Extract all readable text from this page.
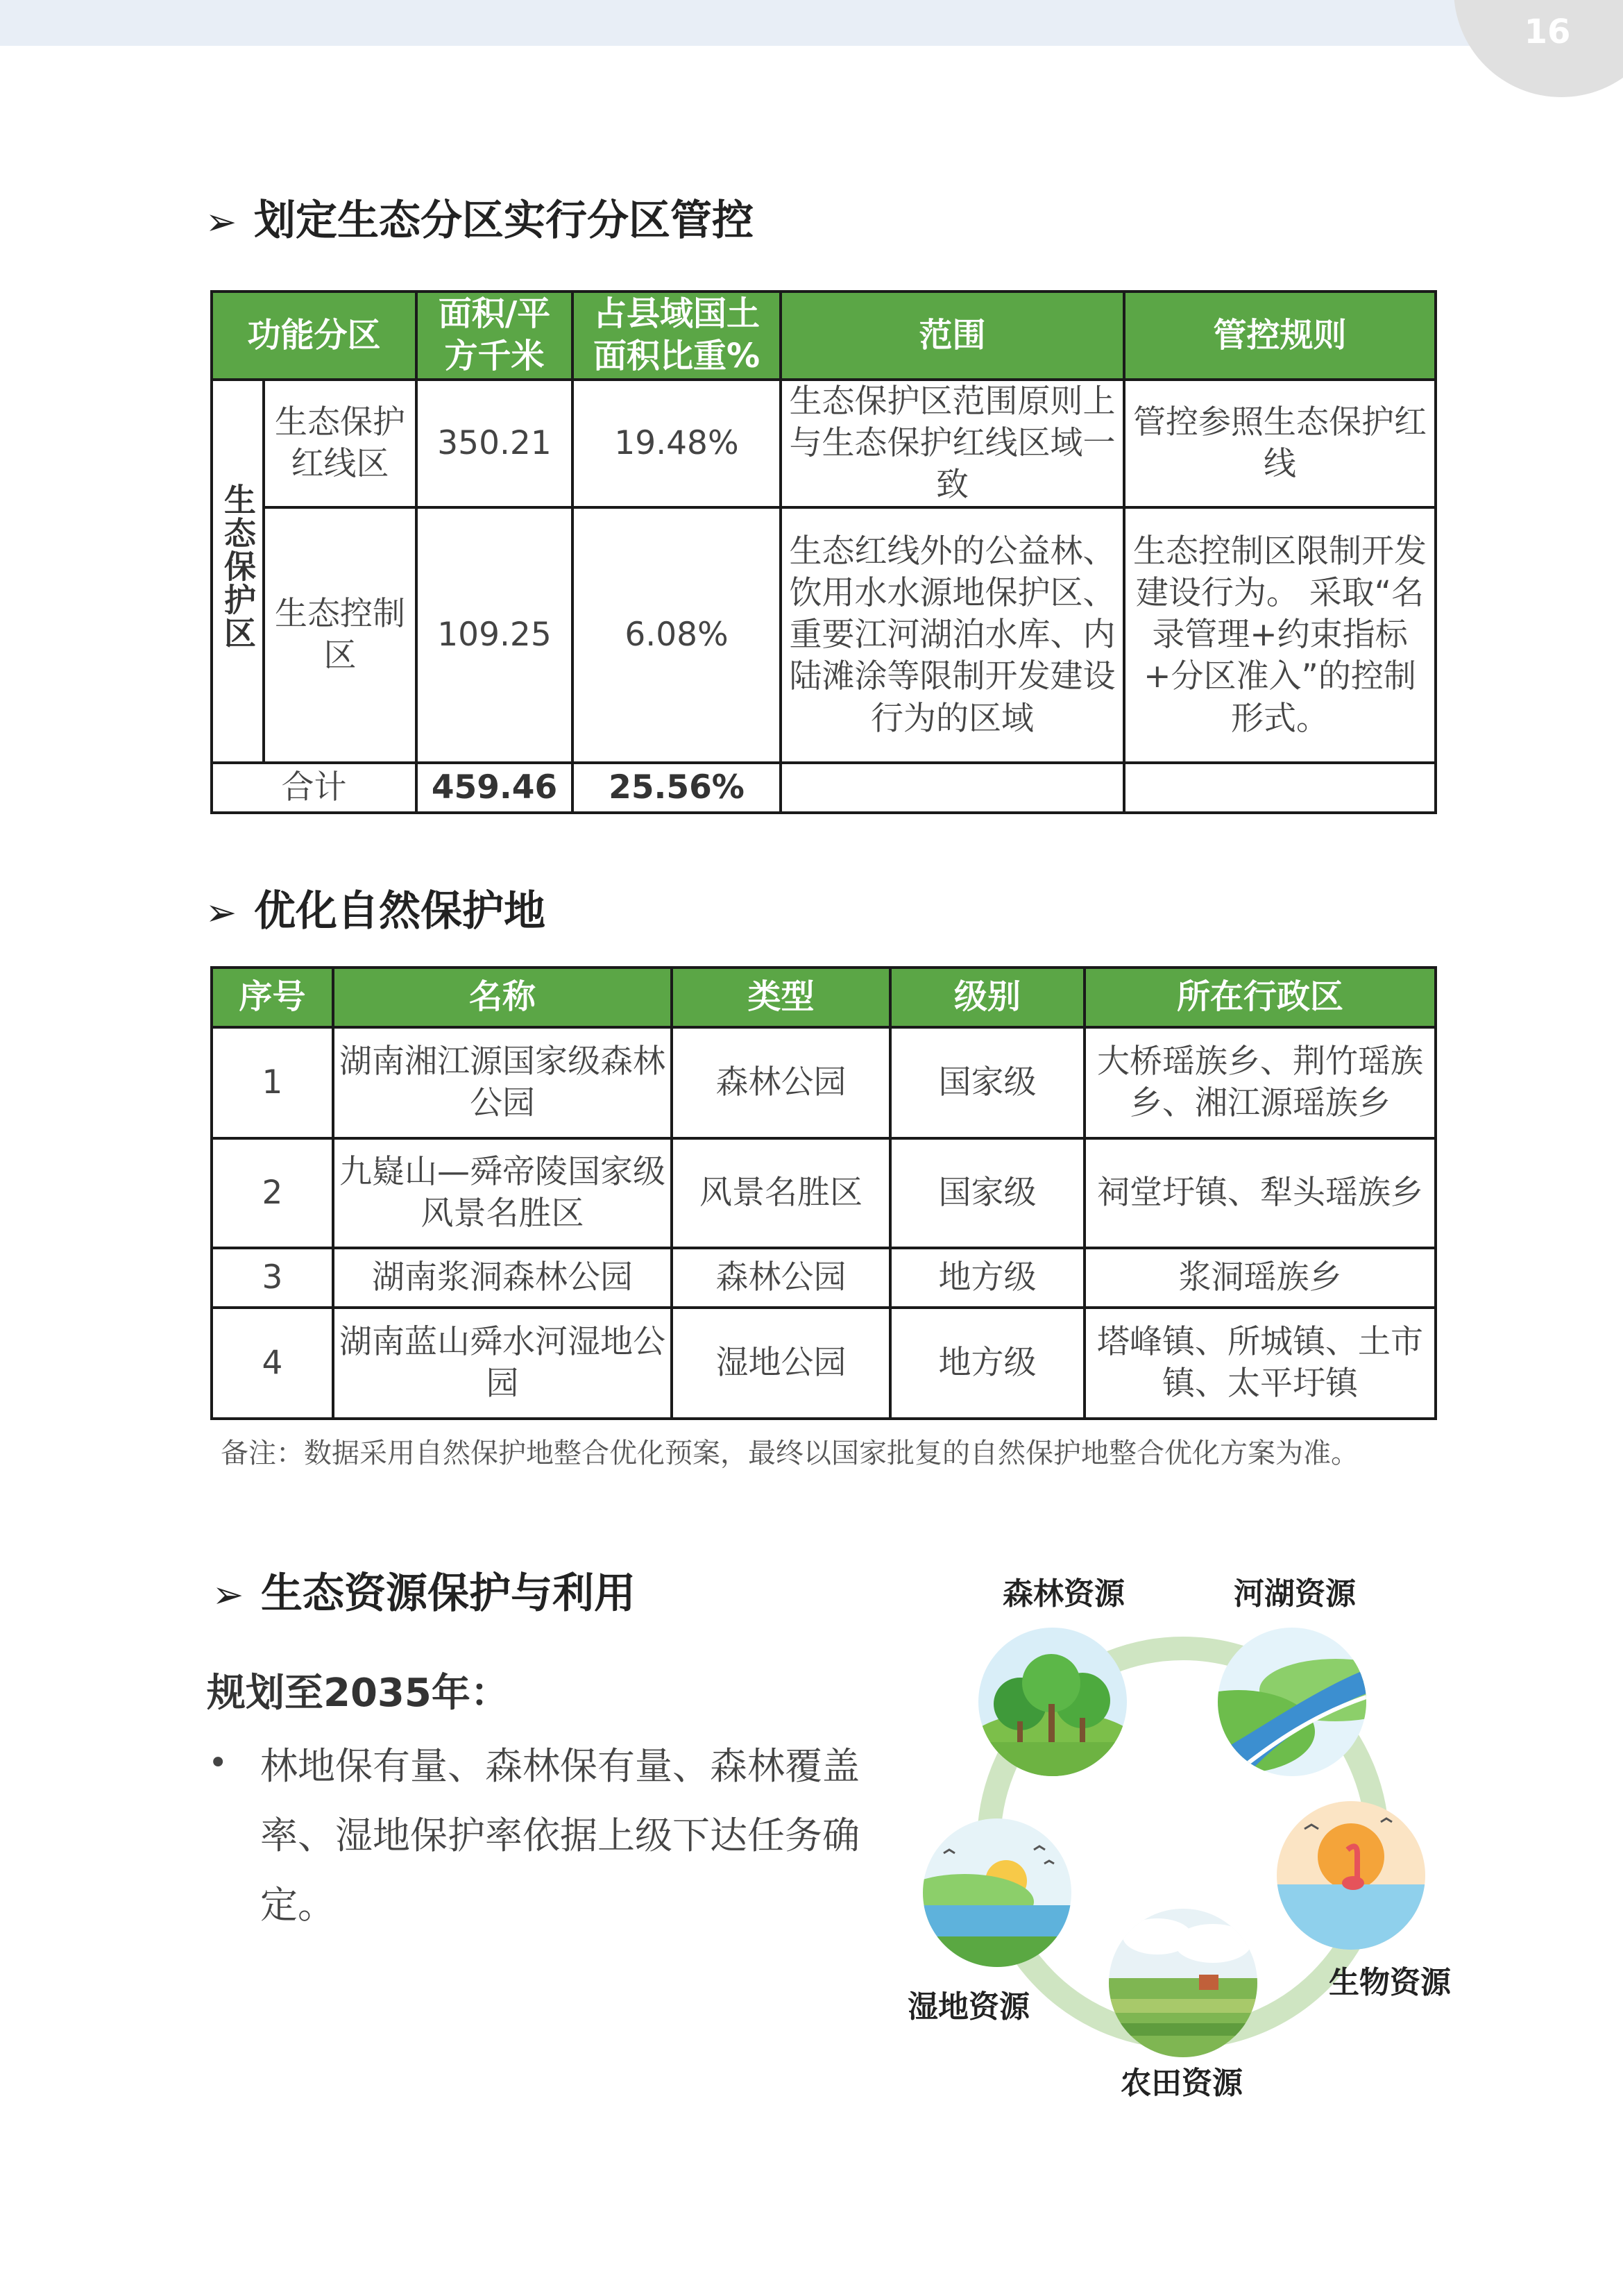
16
➢ 划定生态分区实行分区管控
功能分区		面积/平方千米	占县域国土面积比重%	范围	管控规则
生态保护区	生态保护红线区	350.21	19.48%	生态保护区范围原则上与生态保护红线区域一致	管控参照生态保护红线
	生态控制区	109.25	6.08%	生态红线外的公益林、饮用水水源地保护区、重要江河湖泊水库、内陆滩涂等限制开发建设行为的区域	生态控制区限制开发建设行为。 采取“名录管理+约束指标+分区准入”的控制形式。
合计		459.46	25.56%		
➢ 优化自然保护地
序号	名称	类型	级别	所在行政区
1	湖南湘江源国家级森林公园	森林公园	国家级	大桥瑶族乡、荆竹瑶族乡、湘江源瑶族乡
2	九嶷山—舜帝陵国家级风景名胜区	风景名胜区	国家级	祠堂圩镇、犁头瑶族乡
3	湖南浆洞森林公园	森林公园	地方级	浆洞瑶族乡
4	湖南蓝山舜水河湿地公园	湿地公园	地方级	塔峰镇、所城镇、土市镇、太平圩镇
备注：数据采用自然保护地整合优化预案，最终以国家批复的自然保护地整合优化方案为准。
➢ 生态资源保护与利用
规划至2035年：
• 林地保有量、森林保有量、森林覆盖率、湿地保护率依据上级下达任务确定。
森林资源	河湖资源
生物资源
农田资源
湿地资源
